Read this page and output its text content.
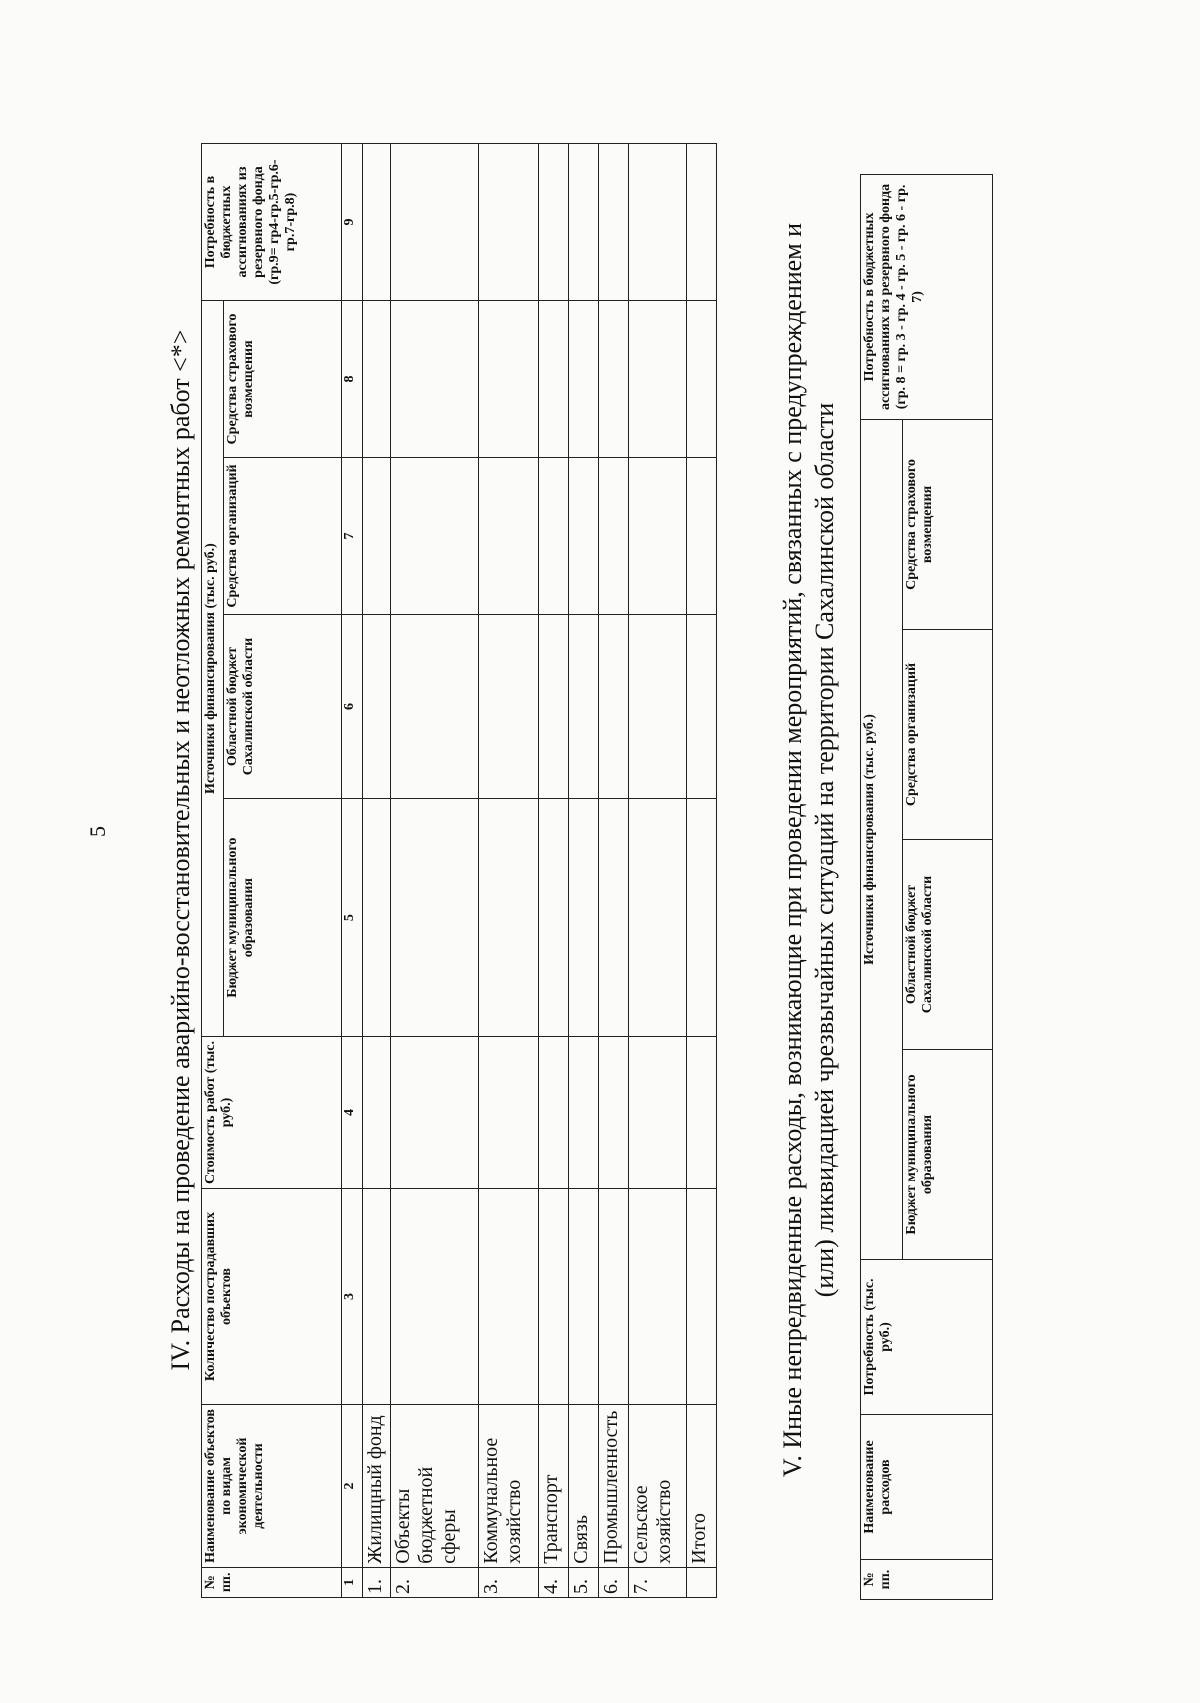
5 IV. Расходы на проведение аварийно-восстановительных и неотложных ремонтных работ <*>
№ пп.	Наименование объектов по видам экономической деятельности	Количество пострадавших объектов	Стоимость работ (тыс. руб.)	Источники финансирования (тыс. руб.)				Потребность в бюджетных ассигнованиях из резервного фонда (гр.9= гр4-гр.5-гр.6-гр.7-гр.8)
				Бюджет муниципального образования	Областной бюджет Сахалинской области	Средства организаций	Средства страхового возмещения	
1	2	3	4	5	6	7	8	9
1.	Жилищный фонд							
2.	Объекты бюджетной сферы							
3.	Коммунальное хозяйство							
4.	Транспорт							
5.	Связь							
6.	Промышленность							
7.	Сельское хозяйство							
	Итого							
V. Иные непредвиденные расходы, возникающие при проведении мероприятий, связанных с предупреждением и (или) ликвидацией чрезвычайных ситуаций на территории Сахалинской области
№ пп.	Наименование расходов	Потребность (тыс. руб.)	Источники финансирования (тыс. руб.)				Потребность в бюджетных ассигнованиях из резервного фонда (гр. 8 = гр. 3 - гр. 4 - гр. 5 - гр. 6 - гр. 7)
			Бюджет муниципального образования	Областной бюджет Сахалинской области	Средства организаций	Средства страхового возмещения	
